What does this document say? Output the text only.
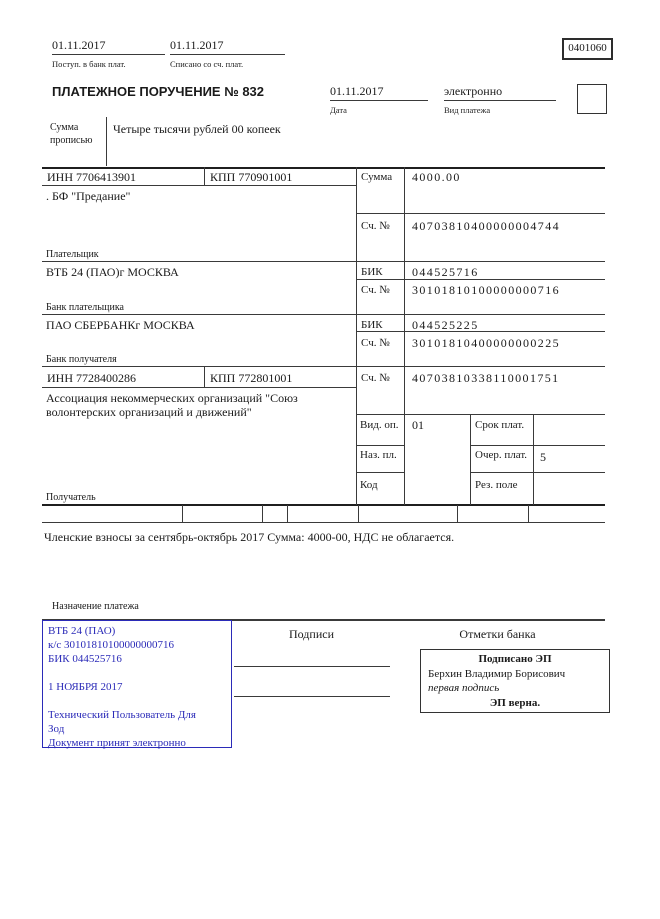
01.11.2017
Поступ. в банк плат.
01.11.2017
Списано со сч. плат.
0401060
ПЛАТЕЖНОЕ ПОРУЧЕНИЕ № 832	01.11.2017
Дата
электронно
Вид платежа
Сумма прописью
Четыре тысячи рублей 00 копеек
ИНН 7706413901	КПП 770901001	Сумма 4000.00
. БФ "Предание"
Сч. № 40703810400000004744
Плательщик
ВТБ 24 (ПАО)г МОСКВА	БИК 044525716
Сч. № 30101810100000000716
Банк плательщика
ПАО СБЕРБАНКг МОСКВА	БИК 044525225
Сч. № 30101810400000000225
Банк получателя
ИНН 7728400286	КПП 772801001	Сч. № 40703810338110001751
Ассоциация некоммерческих организаций "Союз
волонтерских организаций и движений"
Получатель
Вид. оп. 01	Срок плат.
Наз. пл.	Очер. плат. 5
Код	Рез. поле
Членские взносы за сентябрь-октябрь 2017 Сумма: 4000-00, НДС не облагается.
Назначение платежа
ВТБ 24 (ПАО)
к/с 30101810100000000716
БИК 044525716
1 НОЯБРЯ 2017
Технический Пользователь Для
Зод
Документ принят электронно
Подписи	Отметки банка
Подписано ЭП
Берхин Владимир Борисович
первая подпись
ЭП верна.
